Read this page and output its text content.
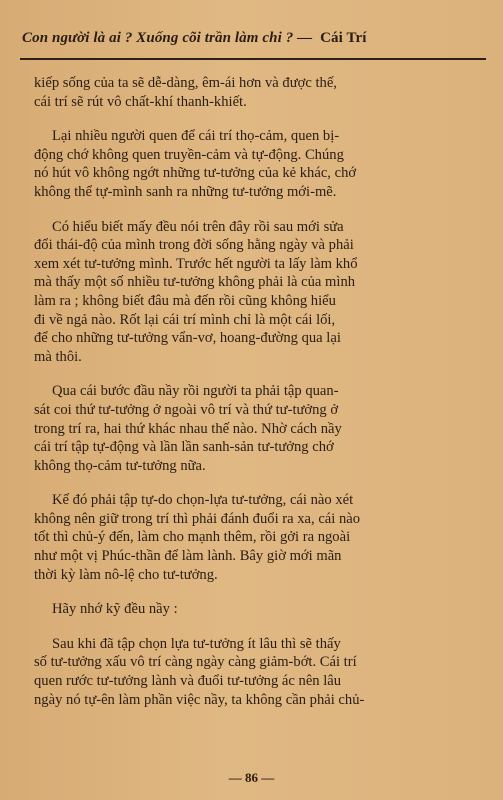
Con người là ai ? Xuống cõi trần làm chi ? — Cái Trí

kiếp sống của ta sẽ dễ-dàng, êm-ái hơn và được thế,
cái trí sẽ rút vô chất-khí thanh-khiết.

Lại nhiều người quen để cái trí thọ-cảm, quen bị-
động chớ không quen truyền-cảm và tự-động. Chúng
nó hút vô không ngớt những tư-tưởng của kẻ khác, chớ
không thể tự-mình sanh ra những tư-tưởng mới-mẽ.

Có hiểu biết mấy đều nói trên đây rồi sau mới sửa
đổi thái-độ của mình trong đời sống hằng ngày và phải
xem xét tư-tưởng mình. Trước hết người ta lấy làm khổ
mà thấy một số nhiều tư-tưởng không phải là của mình
làm ra ; không biết đâu mà đến rồi cũng không hiểu
đi về ngả nào. Rốt lại cái trí mình chỉ là một cái lối,
để cho những tư-tưởng vẩn-vơ, hoang-đường qua lại
mà thôi.

Qua cái bước đầu nầy rồi người ta phải tập quan-
sát coi thứ tư-tưởng ở ngoài vô trí và thứ tư-tưởng ở
trong trí ra, hai thứ khác nhau thế nào. Nhờ cách nầy
cái trí tập tự-động và lần lần sanh-sản tư-tưởng chớ
không thọ-cảm tư-tưởng nữa.

Kế đó phải tập tự-do chọn-lựa tư-tưởng, cái nào xét
không nên giữ trong trí thì phải đánh đuổi ra xa, cái nào
tốt thì chủ-ý đến, làm cho mạnh thêm, rồi gởi ra ngoài
như một vị Phúc-thần để làm lành. Bây giờ mới mãn
thời kỳ làm nô-lệ cho tư-tưởng.

Hãy nhớ kỹ đều nầy :

Sau khi đã tập chọn lựa tư-tưởng ít lâu thì sẽ thấy
số tư-tưởng xấu vô trí càng ngày càng giảm-bớt. Cái trí
quen rước tư-tưởng lành và đuổi tư-tưởng ác nên lâu
ngày nó tự-ên làm phần việc nầy, ta không cần phải chủ-

— 86 —
